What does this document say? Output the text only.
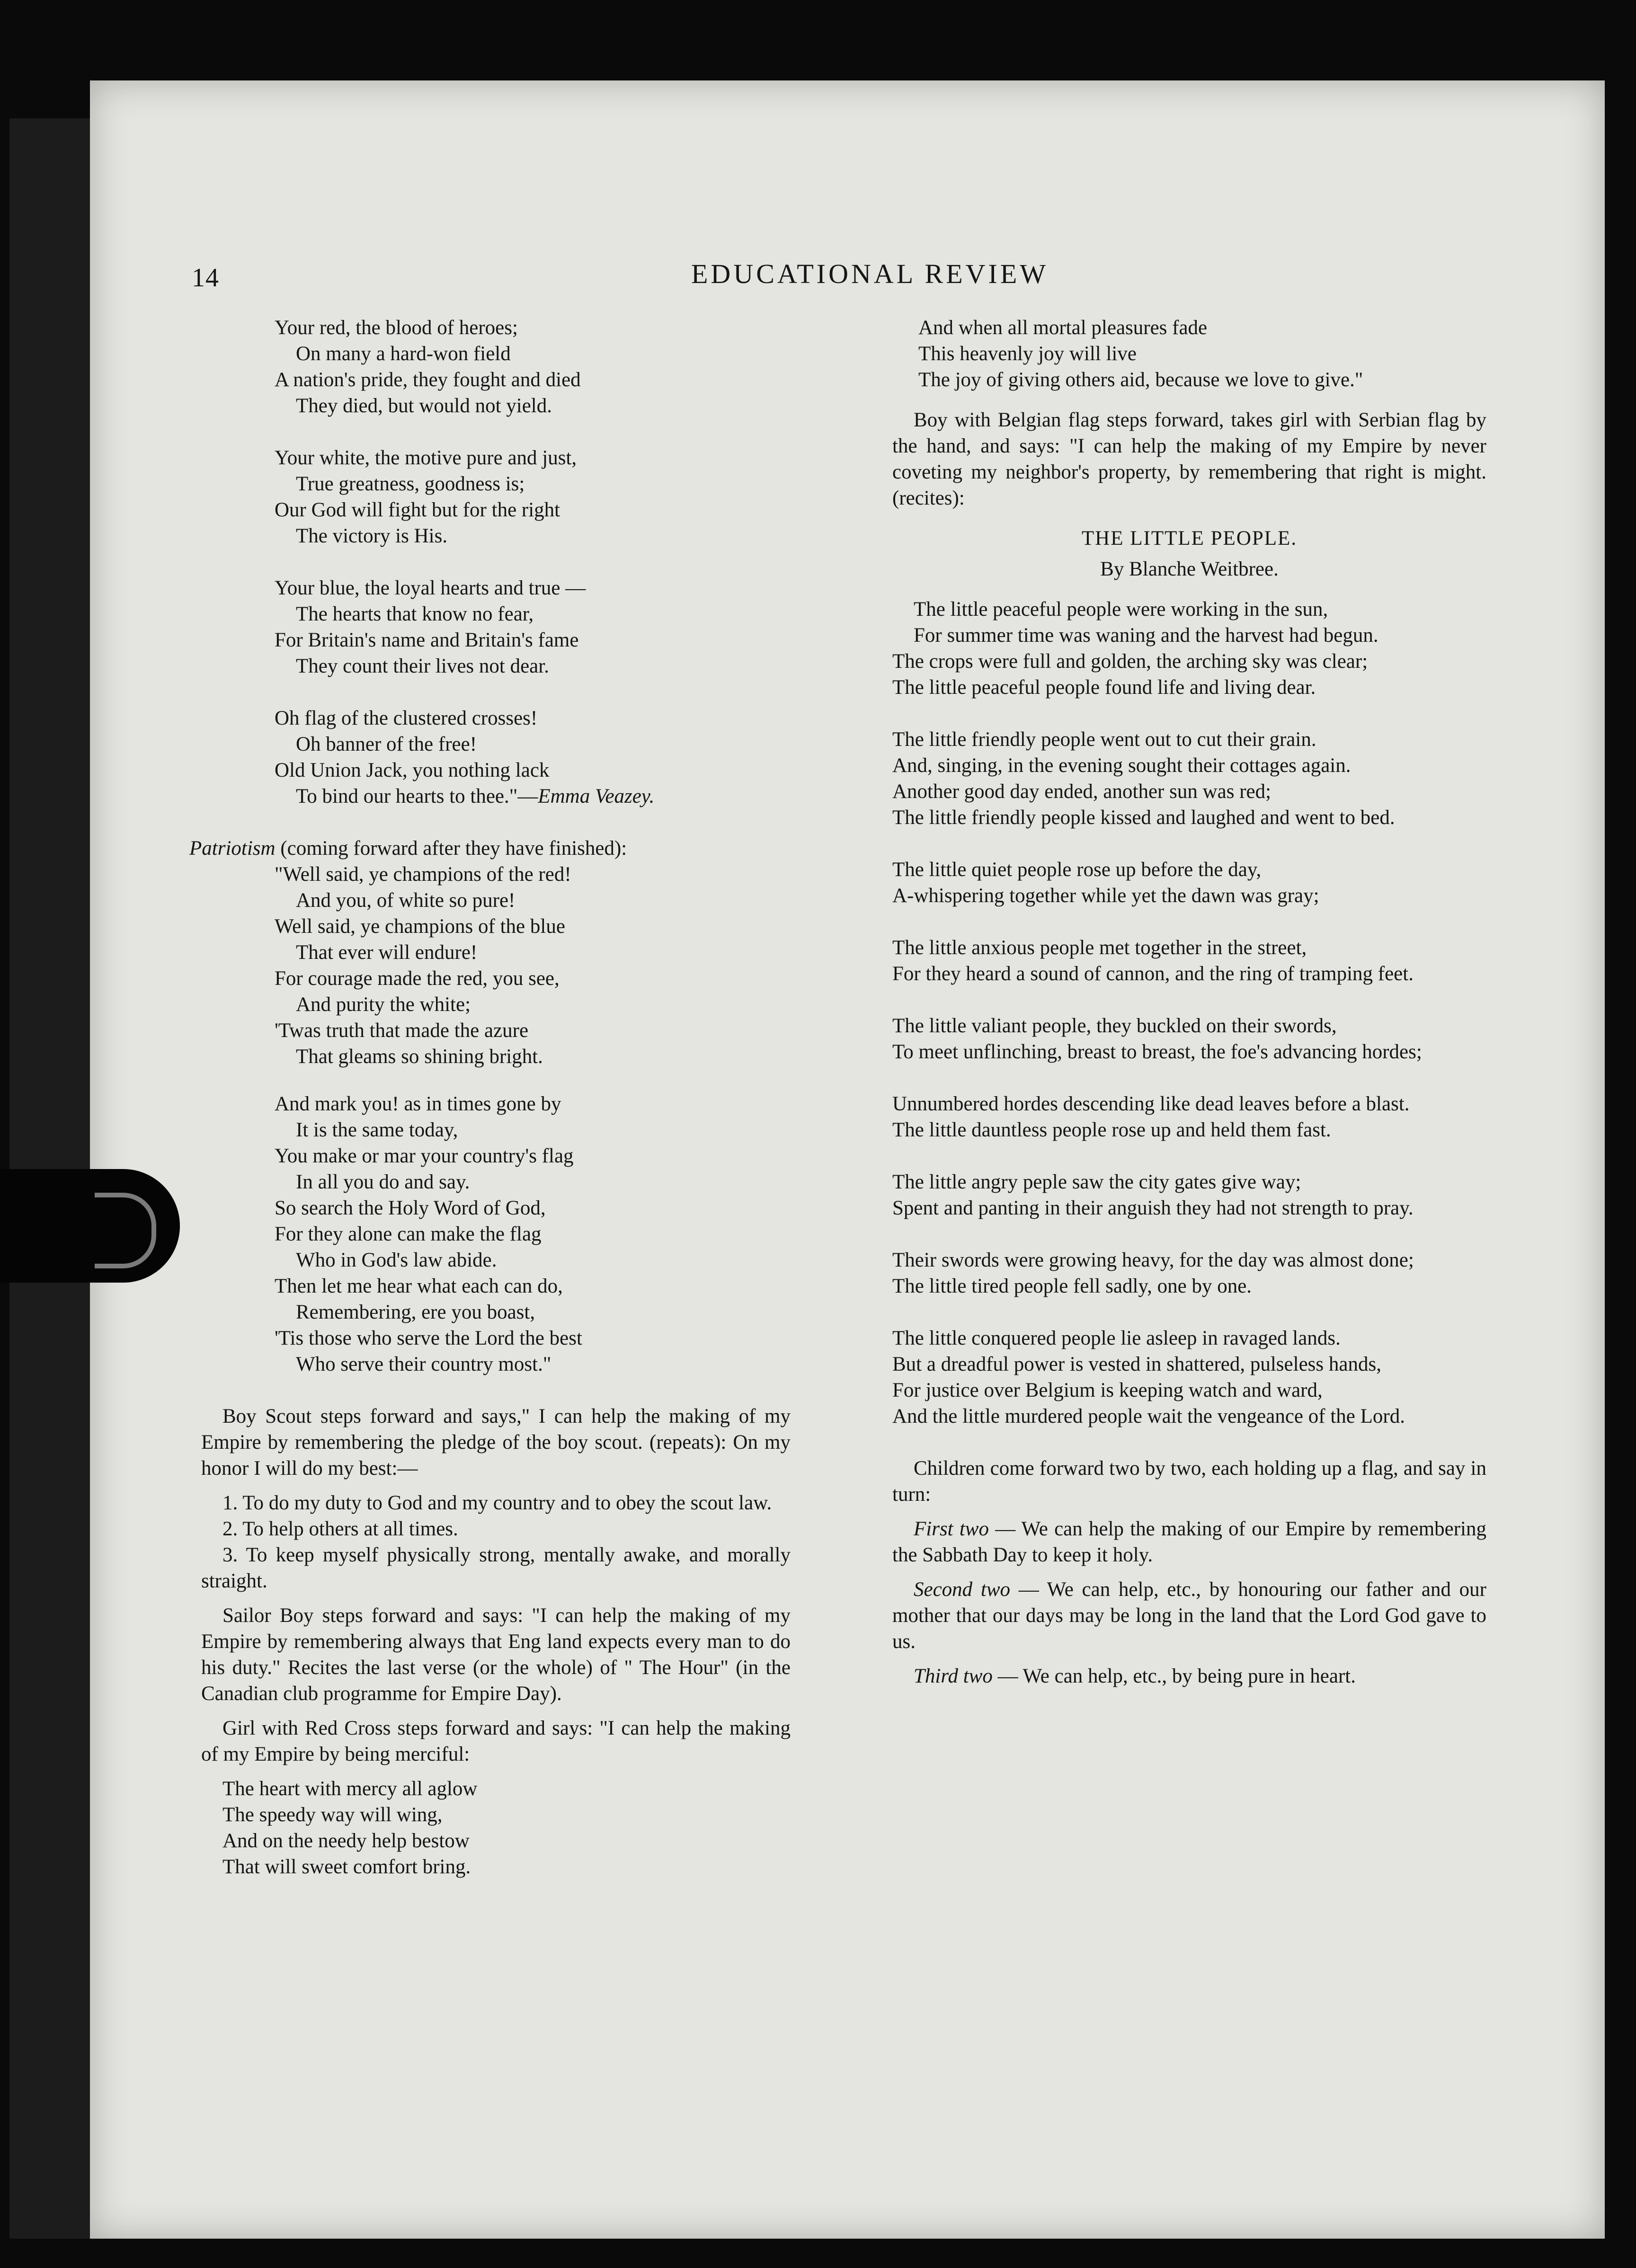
14	EDUCATIONAL REVIEW
Your red, the blood of heroes;
On many a hard-won field
A nation's pride, they fought and died
They died, but would not yield.
Your white, the motive pure and just,
True greatness, goodness is;
Our God will fight but for the right
The victory is His.
Your blue, the loyal hearts and true —
The hearts that know no fear,
For Britain's name and Britain's fame
They count their lives not dear.
Oh flag of the clustered crosses!
Oh banner of the free!
Old Union Jack, you nothing lack
To bind our hearts to thee."—Emma Veazey.
Patriotism (coming forward after they have finished):
"Well said, ye champions of the red!
And you, of white so pure!
Well said, ye champions of the blue
That ever will endure!
For courage made the red, you see,
And purity the white;
'Twas truth that made the azure
That gleams so shining bright.
And mark you! as in times gone by
It is the same today,
You make or mar your country's flag
In all you do and say.
So search the Holy Word of God,
For they alone can make the flag
Who in God's law abide.
Then let me hear what each can do,
Remembering, ere you boast,
'Tis those who serve the Lord the best
Who serve their country most."

Boy Scout steps forward and says," I can help the making of my Empire by remembering the pledge of the boy scout. (repeats): On my honor I will do my best:—

1. To do my duty to God and my country and to obey the scout law.

2. To help others at all times.

3. To keep myself physically strong, mentally awake, and morally straight.

Sailor Boy steps forward and says: "I can help the making of my Empire by remembering always that Eng land expects every man to do his duty." Recites the last verse (or the whole) of " The Hour" (in the Canadian club programme for Empire Day).

Girl with Red Cross steps forward and says: "I can help the making of my Empire by being merciful:

The heart with mercy all aglow
The speedy way will wing,
And on the needy help bestow
That will sweet comfort bring.
And when all mortal pleasures fade
This heavenly joy will live
The joy of giving others aid, because we love to give."

Boy with Belgian flag steps forward, takes girl with Serbian flag by the hand, and says: "I can help the making of my Empire by never coveting my neighbor's property, by remembering that right is might. (recites):

THE LITTLE PEOPLE.

By Blanche Weitbree.

The little peaceful people were working in the sun,
For summer time was waning and the harvest had begun.
The crops were full and golden, the arching sky was clear;
The little peaceful people found life and living dear.
The little friendly people went out to cut their grain.
And, singing, in the evening sought their cottages again.
Another good day ended, another sun was red;
The little friendly people kissed and laughed and went to bed.
The little quiet people rose up before the day,
A-whispering together while yet the dawn was gray;
The little anxious people met together in the street,
For they heard a sound of cannon, and the ring of tramping feet.
The little valiant people, they buckled on their swords,
To meet unflinching, breast to breast, the foe's advancing hordes;
Unnumbered hordes descending like dead leaves before a blast.
The little dauntless people rose up and held them fast.
The little angry peple saw the city gates give way;
Spent and panting in their anguish they had not strength to pray.
Their swords were growing heavy, for the day was almost done;
The little tired people fell sadly, one by one.
The little conquered people lie asleep in ravaged lands.
But a dreadful power is vested in shattered, pulseless hands,
For justice over Belgium is keeping watch and ward,
And the little murdered people wait the vengeance of the Lord.

Children come forward two by two, each holding up a flag, and say in turn:

First two — We can help the making of our Empire by remembering the Sabbath Day to keep it holy.

Second two — We can help, etc., by honouring our father and our mother that our days may be long in the land that the Lord God gave to us.

Third two — We can help, etc., by being pure in heart.
